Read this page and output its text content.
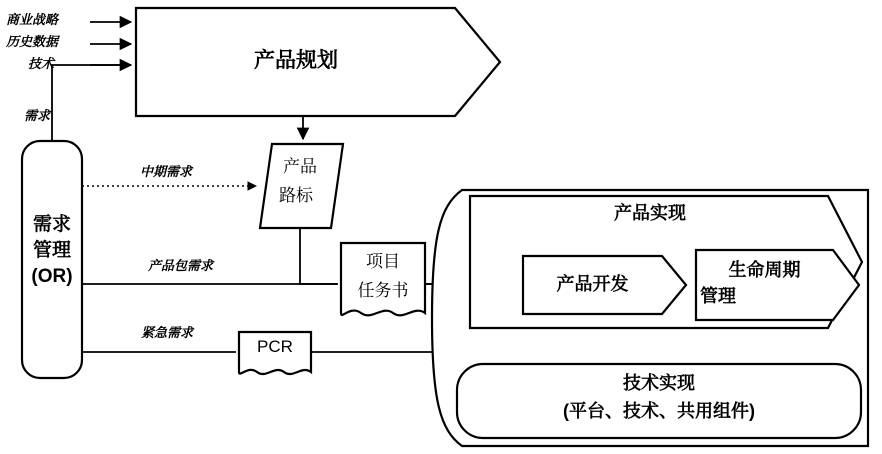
商业战略
历史数据
技术
需求
中期需求
产品包需求
紧急需求
产品规划
需求
管理
(OR)
产品
路标
项目
任务书
PCR
产品实现
产品开发
生命周期
管理
技术实现
(平台、技术、共用组件)
